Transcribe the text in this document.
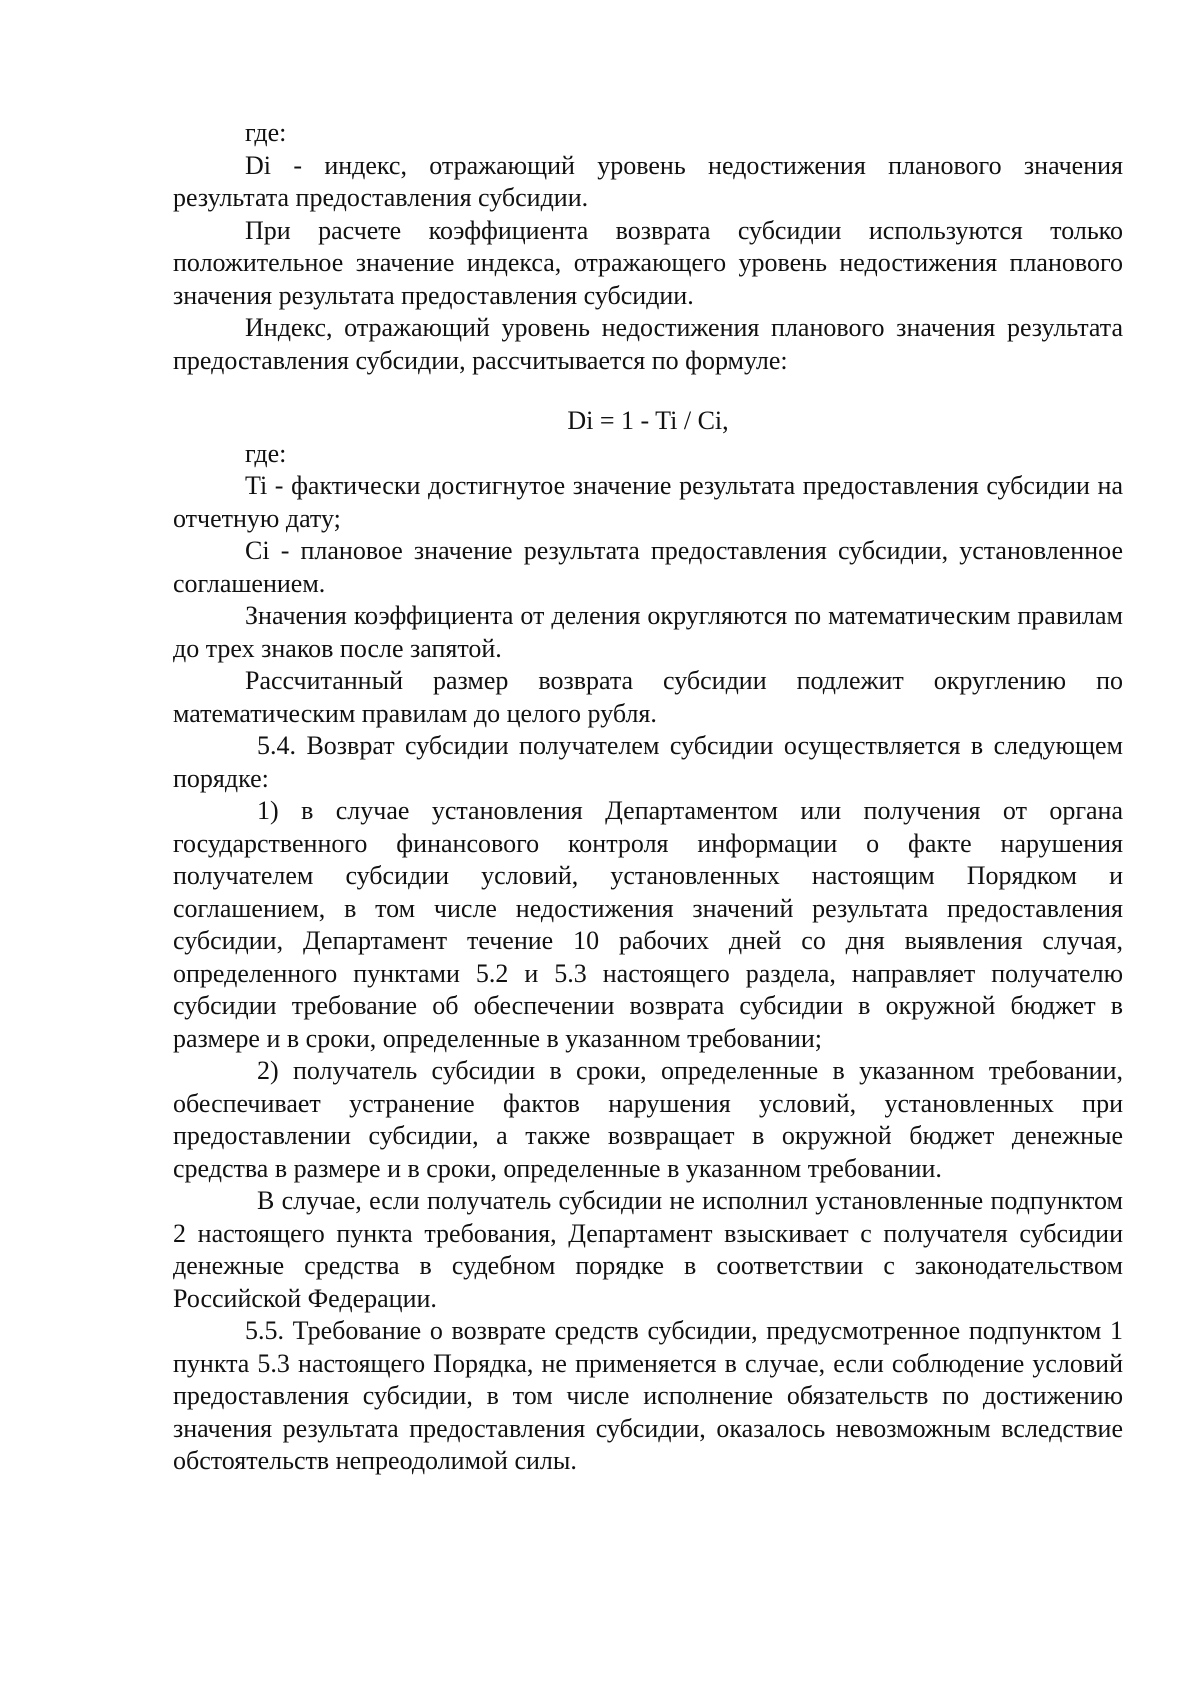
где:

Di - индекс, отражающий уровень недостижения планового значения результата предоставления субсидии.

При расчете коэффициента возврата субсидии используются только положительное значение индекса, отражающего уровень недостижения планового значения результата предоставления субсидии.

Индекс, отражающий уровень недостижения планового значения результата предоставления субсидии, рассчитывается по формуле:

Di = 1 - Ti / Ci,

где:

Ti - фактически достигнутое значение результата предоставления субсидии на отчетную дату;

Ci - плановое значение результата предоставления субсидии, установленное соглашением.

Значения коэффициента от деления округляются по математическим правилам до трех знаков после запятой.

Рассчитанный размер возврата субсидии подлежит округлению по математическим правилам до целого рубля.

5.4. Возврат субсидии получателем субсидии осуществляется в следующем порядке:

1) в случае установления Департаментом или получения от органа государственного финансового контроля информации о факте нарушения получателем субсидии условий, установленных настоящим Порядком и соглашением, в том числе недостижения значений результата предоставления субсидии, Департамент течение 10 рабочих дней со дня выявления случая, определенного пунктами 5.2 и 5.3 настоящего раздела, направляет получателю субсидии требование об обеспечении возврата субсидии в окружной бюджет в размере и в сроки, определенные в указанном требовании;

2) получатель субсидии в сроки, определенные в указанном требовании, обеспечивает устранение фактов нарушения условий, установленных при предоставлении субсидии, а также возвращает в окружной бюджет денежные средства в размере и в сроки, определенные в указанном требовании.

В случае, если получатель субсидии не исполнил установленные подпунктом 2 настоящего пункта требования, Департамент взыскивает с получателя субсидии денежные средства в судебном порядке в соответствии с законодательством Российской Федерации.

5.5. Требование о возврате средств субсидии, предусмотренное подпунктом 1 пункта 5.3 настоящего Порядка, не применяется в случае, если соблюдение условий предоставления субсидии, в том числе исполнение обязательств по достижению значения результата предоставления субсидии, оказалось невозможным вследствие обстоятельств непреодолимой силы.
